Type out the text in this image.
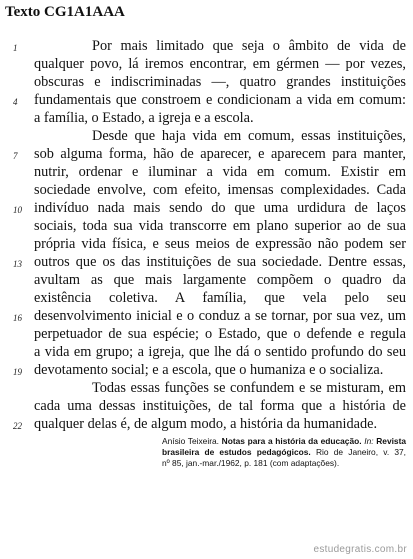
Texto CG1A1AAA
1
4
7
10
13
16
19
22
Por mais limitado que seja o âmbito de vida de
qualquer povo, lá iremos encontrar, em gérmen — por vezes,
obscuras e indiscriminadas —, quatro grandes instituições
fundamentais que constroem e condicionam a vida em comum:
a família, o Estado, a igreja e a escola.
Desde que haja vida em comum, essas instituições,
sob alguma forma, hão de aparecer, e aparecem para manter,
nutrir, ordenar e iluminar a vida em comum. Existir em
sociedade envolve, com efeito, imensas complexidades. Cada
indivíduo nada mais sendo do que uma urdidura de laços
sociais, toda sua vida transcorre em plano superior ao de sua
própria vida física, e seus meios de expressão não podem ser
outros que os das instituições de sua sociedade. Dentre essas,
avultam as que mais largamente compõem o quadro da
existência coletiva. A família, que vela pelo seu
desenvolvimento inicial e o conduz a se tornar, por sua vez, um
perpetuador de sua espécie; o Estado, que o defende e regula
a vida em grupo; a igreja, que lhe dá o sentido profundo do seu
devotamento social; e a escola, que o humaniza e o socializa.
Todas essas funções se confundem e se misturam, em
cada uma dessas instituições, de tal forma que a história de
qualquer delas é, de algum modo, a história da humanidade.
Anísio Teixeira. Notas para a história da educação. In: Revista
brasileira de estudos pedagógicos. Rio de Janeiro, v. 37,
nº 85, jan.-mar./1962, p. 181 (com adaptações).
estudegratis.com.br
